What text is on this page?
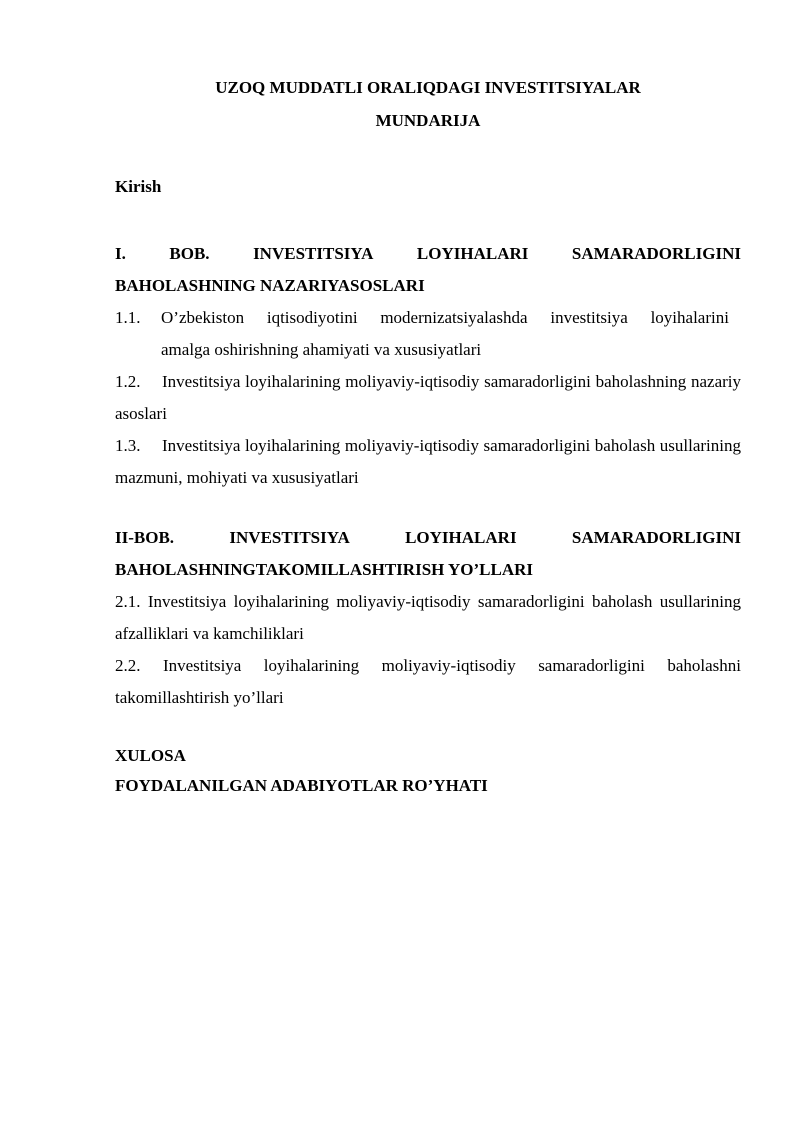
UZOQ MUDDATLI ORALIQDAGI INVESTITSIYALAR
MUNDARIJA
Kirish
I.	BOB.	INVESTITSIYA	LOYIHALARI	SAMARADORLIGINI
BAHOLASHNING NAZARIYASOSLARI
1.1.	O’zbekiston iqtisodiyotini modernizatsiyalashda investitsiya loyihalarini
amalga oshirishning ahamiyati va xususiyatlari
1.2. Investitsiya loyihalarining moliyaviy-iqtisodiy samaradorligini baholashning nazariy asoslari
1.3. Investitsiya loyihalarining moliyaviy-iqtisodiy samaradorligini baholash usullarining mazmuni, mohiyati va xususiyatlari
II-BOB.	INVESTITSIYA	LOYIHALARI	SAMARADORLIGINI
BAHOLASHNINGTAKOMILLASHTIRISH YO’LLARI
2.1. Investitsiya loyihalarining moliyaviy-iqtisodiy samaradorligini baholash usullarining afzalliklari va kamchiliklari
2.2. Investitsiya loyihalarining moliyaviy-iqtisodiy samaradorligini baholashni takomillashtirish yo’llari
XULOSA
FOYDALANILGAN ADABIYOTLAR RO’YHATI
